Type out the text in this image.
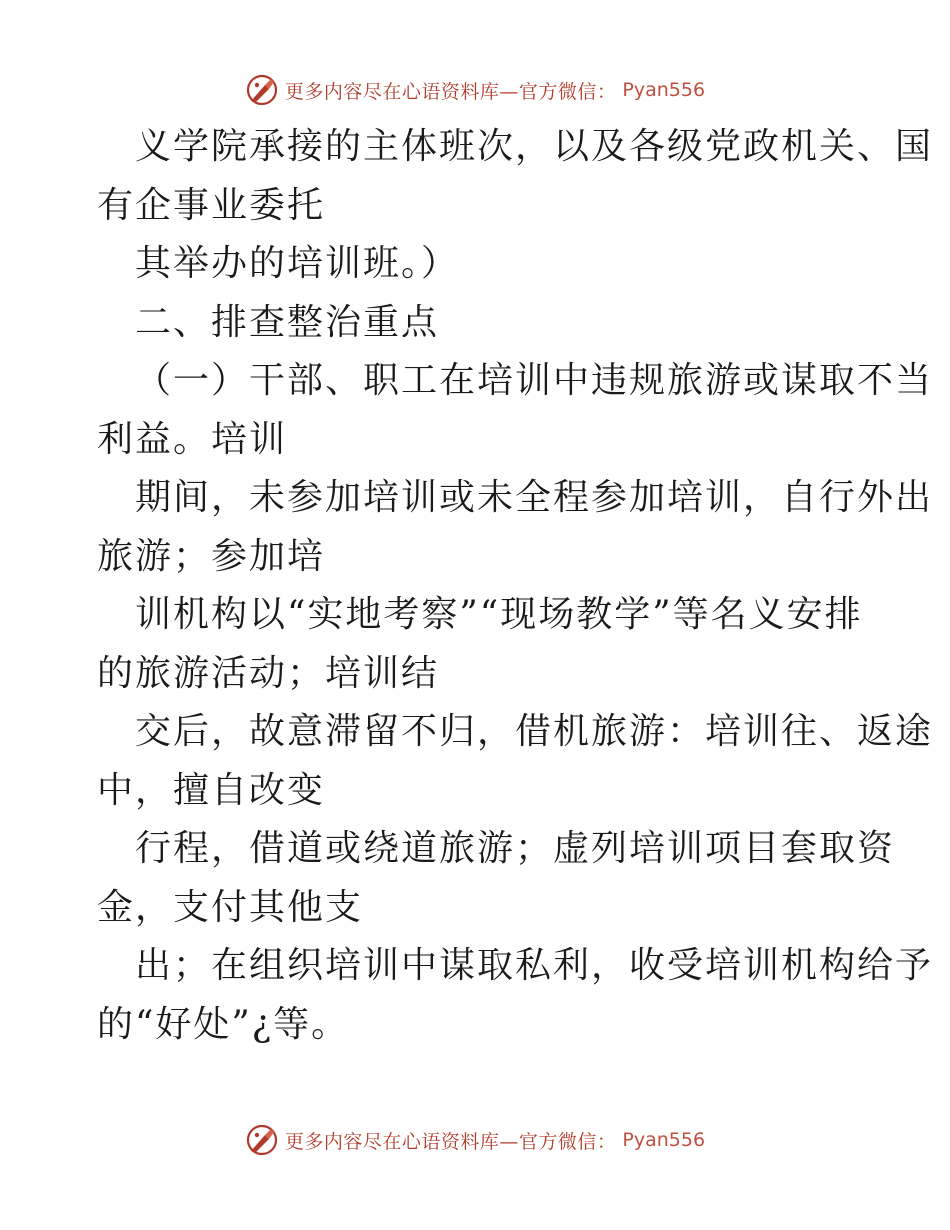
更多内容尽在心语资料库—官方微信： Pyan556
义学院承接的主体班次，以及各级党政机关、国
有企事业委托
其举办的培训班。）
二、排查整治重点
（一）干部、职工在培训中违规旅游或谋取不当
利益。培训
期间，未参加培训或未全程参加培训，自行外出
旅游；参加培
训机构以“实地考察”“现场教学”等名义安排
的旅游活动；培训结
交后，故意滞留不归，借机旅游：培训往、返途
中，擅自改变
行程，借道或绕道旅游；虚列培训项目套取资
金，支付其他支
出；在组织培训中谋取私利，收受培训机构给予
的“好处”¿等。
更多内容尽在心语资料库—官方微信： Pyan556
